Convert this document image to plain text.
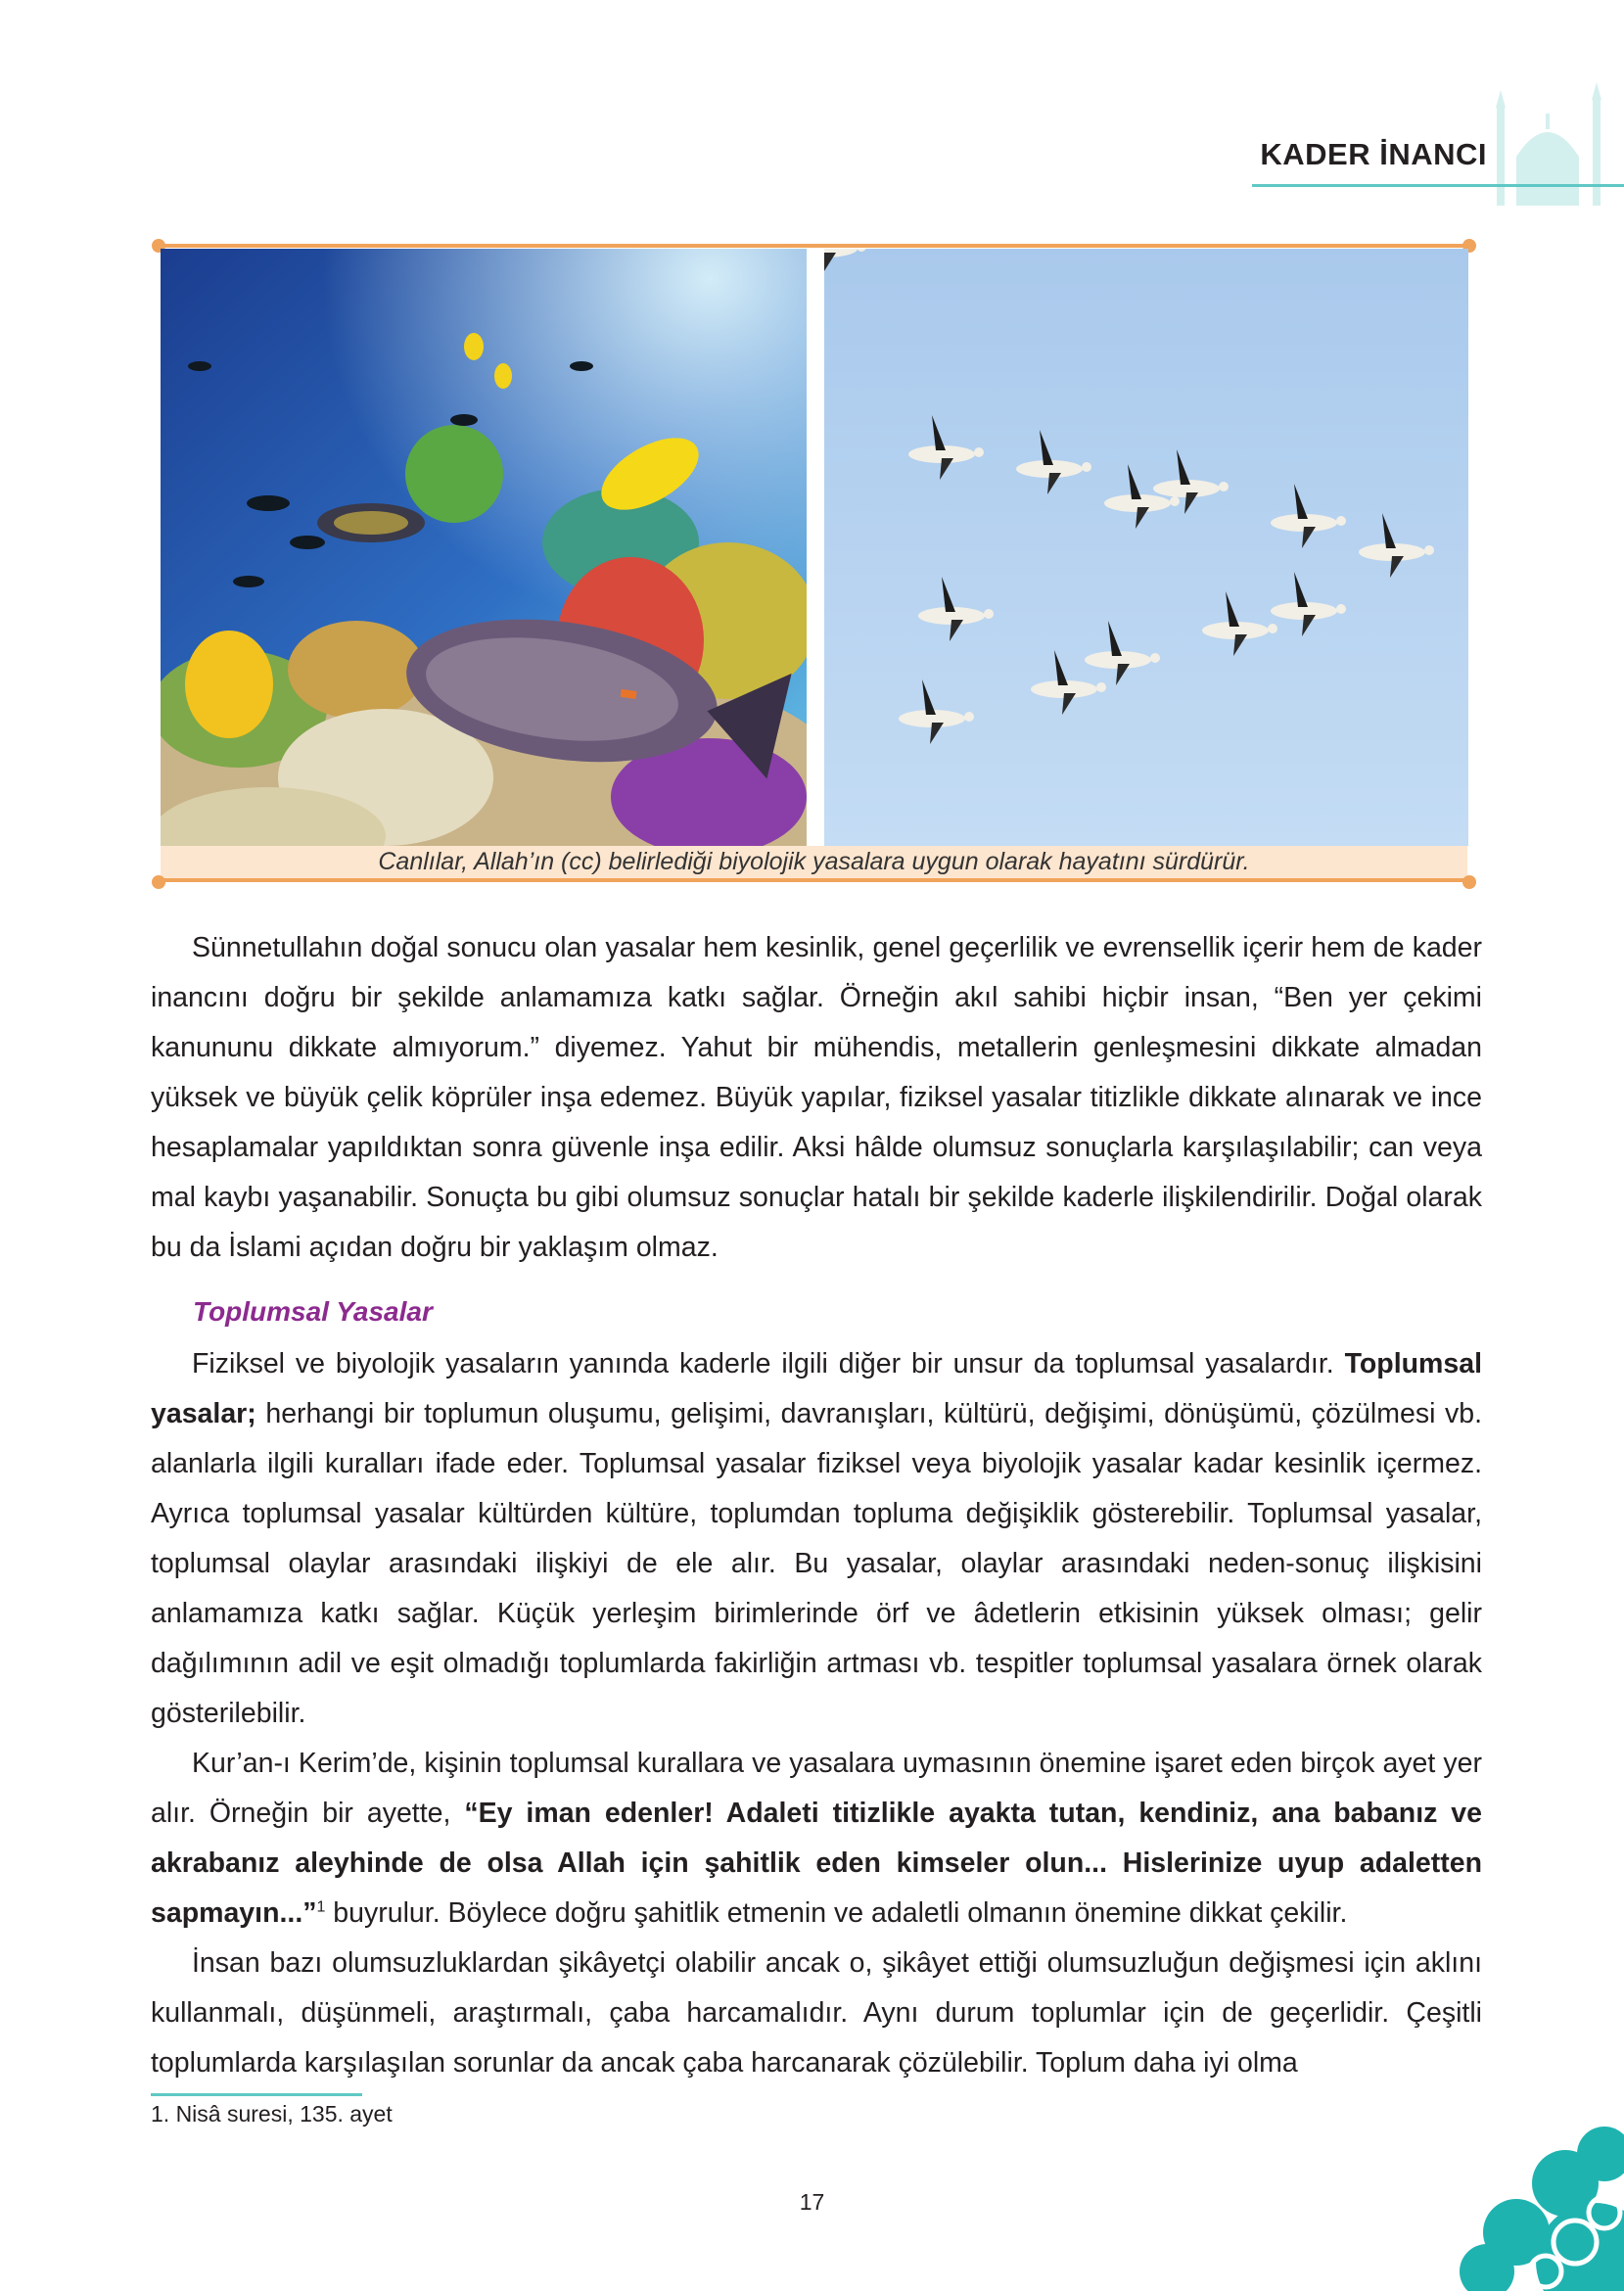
KADER İNANCI
Canlılar, Allah’ın (cc) belirlediği biyolojik yasalara uygun olarak hayatını sürdürür.

Sünnetullahın doğal sonucu olan yasalar hem kesinlik, genel geçerlilik ve evrensellik içerir hem de kader inancını doğru bir şekilde anlamamıza katkı sağlar. Örneğin akıl sahibi hiçbir insan, “Ben yer çekimi kanununu dikkate almıyorum.” diyemez. Yahut bir mühendis, metallerin genleşmesini dikkate almadan yüksek ve büyük çelik köprüler inşa edemez. Büyük yapılar, fiziksel yasalar titizlikle dikkate alınarak ve ince hesaplamalar yapıldıktan sonra güvenle inşa edilir. Aksi hâlde olumsuz sonuçlarla karşılaşılabilir; can veya mal kaybı yaşanabilir. Sonuçta bu gibi olumsuz sonuçlar hatalı bir şekilde kaderle ilişkilendirilir. Doğal olarak bu da İslami açıdan doğru bir yaklaşım olmaz.

Toplumsal Yasalar

Fiziksel ve biyolojik yasaların yanında kaderle ilgili diğer bir unsur da toplumsal yasalardır. Toplumsal yasalar; herhangi bir toplumun oluşumu, gelişimi, davranışları, kültürü, değişimi, dönüşümü, çözülmesi vb. alanlarla ilgili kuralları ifade eder. Toplumsal yasalar fiziksel veya biyolojik yasalar kadar kesinlik içermez. Ayrıca toplumsal yasalar kültürden kültüre, toplumdan topluma değişiklik gösterebilir. Toplumsal yasalar, toplumsal olaylar arasındaki ilişkiyi de ele alır. Bu yasalar, olaylar arasındaki neden-sonuç ilişkisini anlamamıza katkı sağlar. Küçük yerleşim birimlerinde örf ve âdetlerin etkisinin yüksek olması; gelir dağılımının adil ve eşit olmadığı toplumlarda fakirliğin artması vb. tespitler toplumsal yasalara örnek olarak gösterilebilir.

Kur’an-ı Kerim’de, kişinin toplumsal kurallara ve yasalara uymasının önemine işaret eden birçok ayet yer alır. Örneğin bir ayette, “Ey iman edenler! Adaleti titizlikle ayakta tutan, kendiniz, ana babanız ve akrabanız aleyhinde de olsa Allah için şahitlik eden kimseler olun... Hislerinize uyup adaletten sapmayın...”$^1$ buyrulur. Böylece doğru şahitlik etmenin ve adaletli olmanın önemine dikkat çekilir.

İnsan bazı olumsuzluklardan şikâyetçi olabilir ancak o, şikâyet ettiği olumsuzluğun değişmesi için aklını kullanmalı, düşünmeli, araştırmalı, çaba harcamalıdır. Aynı durum toplumlar için de geçerlidir. Çeşitli toplumlarda karşılaşılan sorunlar da ancak çaba harcanarak çözülebilir. Toplum daha iyi olma

1. Nisâ suresi, 135. ayet
17
